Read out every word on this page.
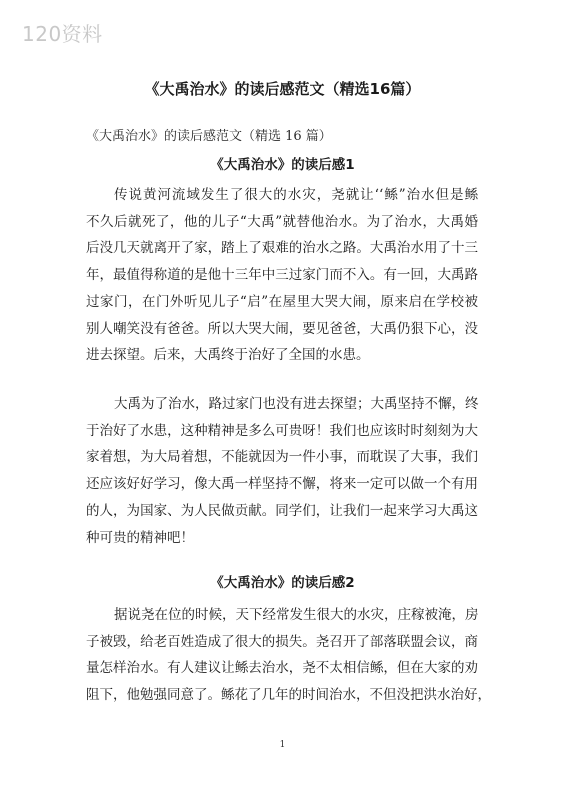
120资料
《大禹治水》的读后感范文（精选16篇）
《大禹治水》的读后感范文（精选 16 篇）
《大禹治水》的读后感1
传说黄河流域发生了很大的水灾，尧就让‘‘鲧”治水但是鲧
不久后就死了，他的儿子“大禹”就替他治水。为了治水，大禹婚
后没几天就离开了家，踏上了艰难的治水之路。大禹治水用了十三
年，最值得称道的是他十三年中三过家门而不入。有一回，大禹路
过家门，在门外听见儿子“启”在屋里大哭大闹，原来启在学校被
别人嘲笑没有爸爸。所以大哭大闹，要见爸爸，大禹仍狠下心，没
进去探望。后来，大禹终于治好了全国的水患。
大禹为了治水，路过家门也没有进去探望；大禹坚持不懈，终
于治好了水患，这种精神是多么可贵呀！我们也应该时时刻刻为大
家着想，为大局着想，不能就因为一件小事，而耽误了大事，我们
还应该好好学习，像大禹一样坚持不懈，将来一定可以做一个有用
的人，为国家、为人民做贡献。同学们，让我们一起来学习大禹这
种可贵的精神吧！
《大禹治水》的读后感2
据说尧在位的时候，天下经常发生很大的水灾，庄稼被淹，房
子被毁，给老百姓造成了很大的损失。尧召开了部落联盟会议，商
量怎样治水。有人建议让鲧去治水，尧不太相信鲧，但在大家的劝
阻下，他勉强同意了。鲧花了几年的时间治水，不但没把洪水治好，
1
